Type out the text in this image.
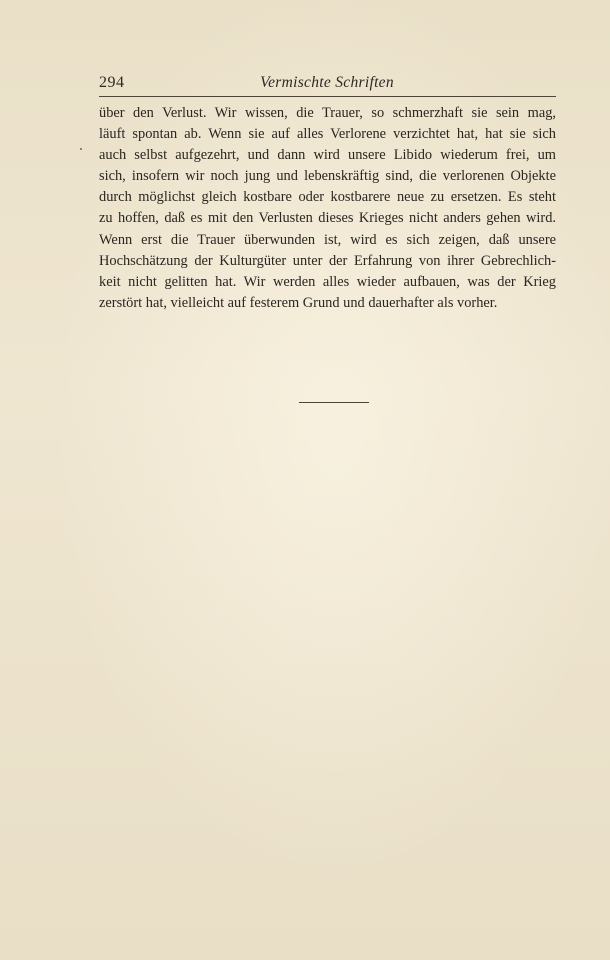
294	Vermischte Schriften
über den Verlust. Wir wissen, die Trauer, so schmerzhaft sie sein mag,
läuft spontan ab. Wenn sie auf alles Verlorene verzichtet hat, hat sie sich
auch selbst aufgezehrt, und dann wird unsere Libido wiederum frei, um
sich, insofern wir noch jung und lebenskräftig sind, die verlorenen Objekte
durch möglichst gleich kostbare oder kostbarere neue zu ersetzen. Es steht
zu hoffen, daß es mit den Verlusten dieses Krieges nicht anders gehen wird.
Wenn erst die Trauer überwunden ist, wird es sich zeigen, daß unsere
Hochschätzung der Kulturgüter unter der Erfahrung von ihrer Gebrechlich-
keit nicht gelitten hat. Wir werden alles wieder aufbauen, was der Krieg
zerstört hat, vielleicht auf festerem Grund und dauerhafter als vorher.
